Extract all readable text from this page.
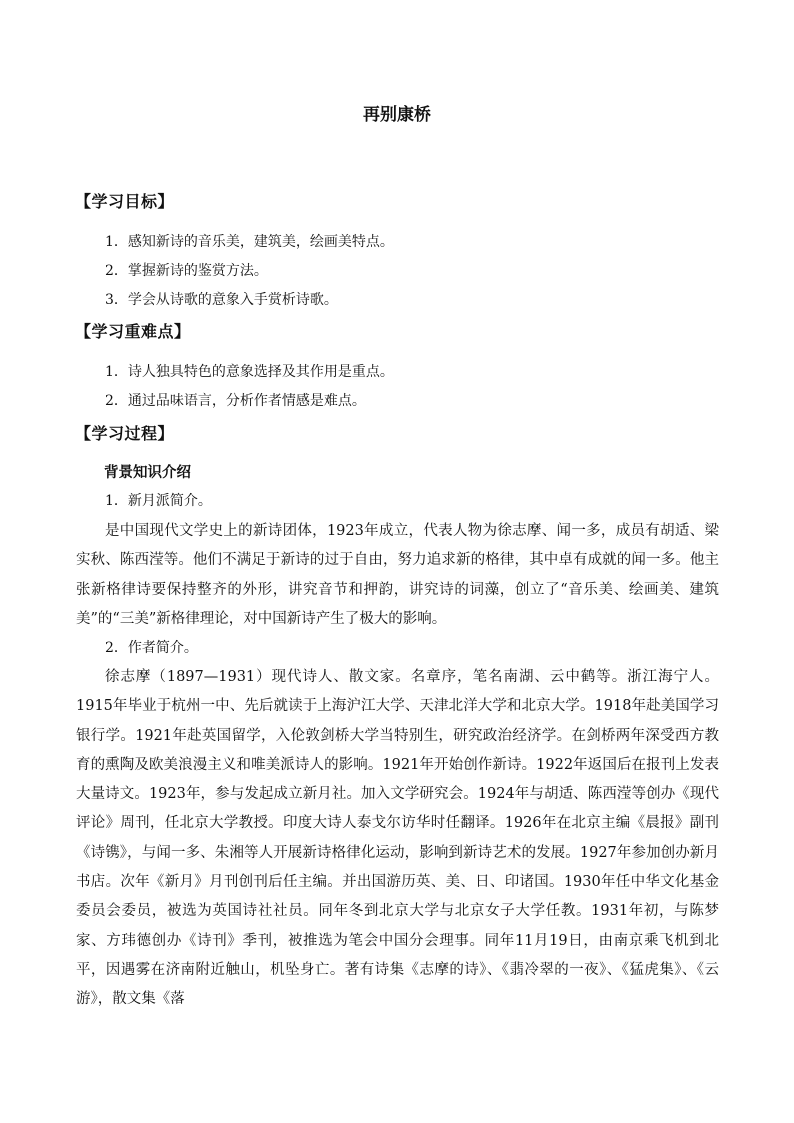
再别康桥
【学习目标】
1．感知新诗的音乐美，建筑美，绘画美特点。
2．掌握新诗的鉴赏方法。
3．学会从诗歌的意象入手赏析诗歌。
【学习重难点】
1．诗人独具特色的意象选择及其作用是重点。
2．通过品味语言，分析作者情感是难点。
【学习过程】
背景知识介绍
1．新月派简介。
是中国现代文学史上的新诗团体，1923年成立，代表人物为徐志摩、闻一多，成员有胡适、梁实秋、陈西滢等。他们不满足于新诗的过于自由，努力追求新的格律，其中卓有成就的闻一多。他主张新格律诗要保持整齐的外形，讲究音节和押韵，讲究诗的词藻，创立了“音乐美、绘画美、建筑美”的“三美”新格律理论，对中国新诗产生了极大的影响。
2．作者简介。
徐志摩（1897—1931）现代诗人、散文家。名章序，笔名南湖、云中鹤等。浙江海宁人。1915年毕业于杭州一中、先后就读于上海沪江大学、天津北洋大学和北京大学。1918年赴美国学习银行学。1921年赴英国留学，入伦敦剑桥大学当特别生，研究政治经济学。在剑桥两年深受西方教育的熏陶及欧美浪漫主义和唯美派诗人的影响。1921年开始创作新诗。1922年返国后在报刊上发表大量诗文。1923年，参与发起成立新月社。加入文学研究会。1924年与胡适、陈西滢等创办《现代评论》周刊，任北京大学教授。印度大诗人泰戈尔访华时任翻译。1926年在北京主编《晨报》副刊《诗镌》，与闻一多、朱湘等人开展新诗格律化运动，影响到新诗艺术的发展。1927年参加创办新月书店。次年《新月》月刊创刊后任主编。并出国游历英、美、日、印诸国。1930年任中华文化基金委员会委员，被选为英国诗社社员。同年冬到北京大学与北京女子大学任教。1931年初，与陈梦家、方玮德创办《诗刊》季刊，被推选为笔会中国分会理事。同年11月19日，由南京乘飞机到北平，因遇雾在济南附近触山，机坠身亡。著有诗集《志摩的诗》、《翡冷翠的一夜》、《猛虎集》、《云游》，散文集《落
